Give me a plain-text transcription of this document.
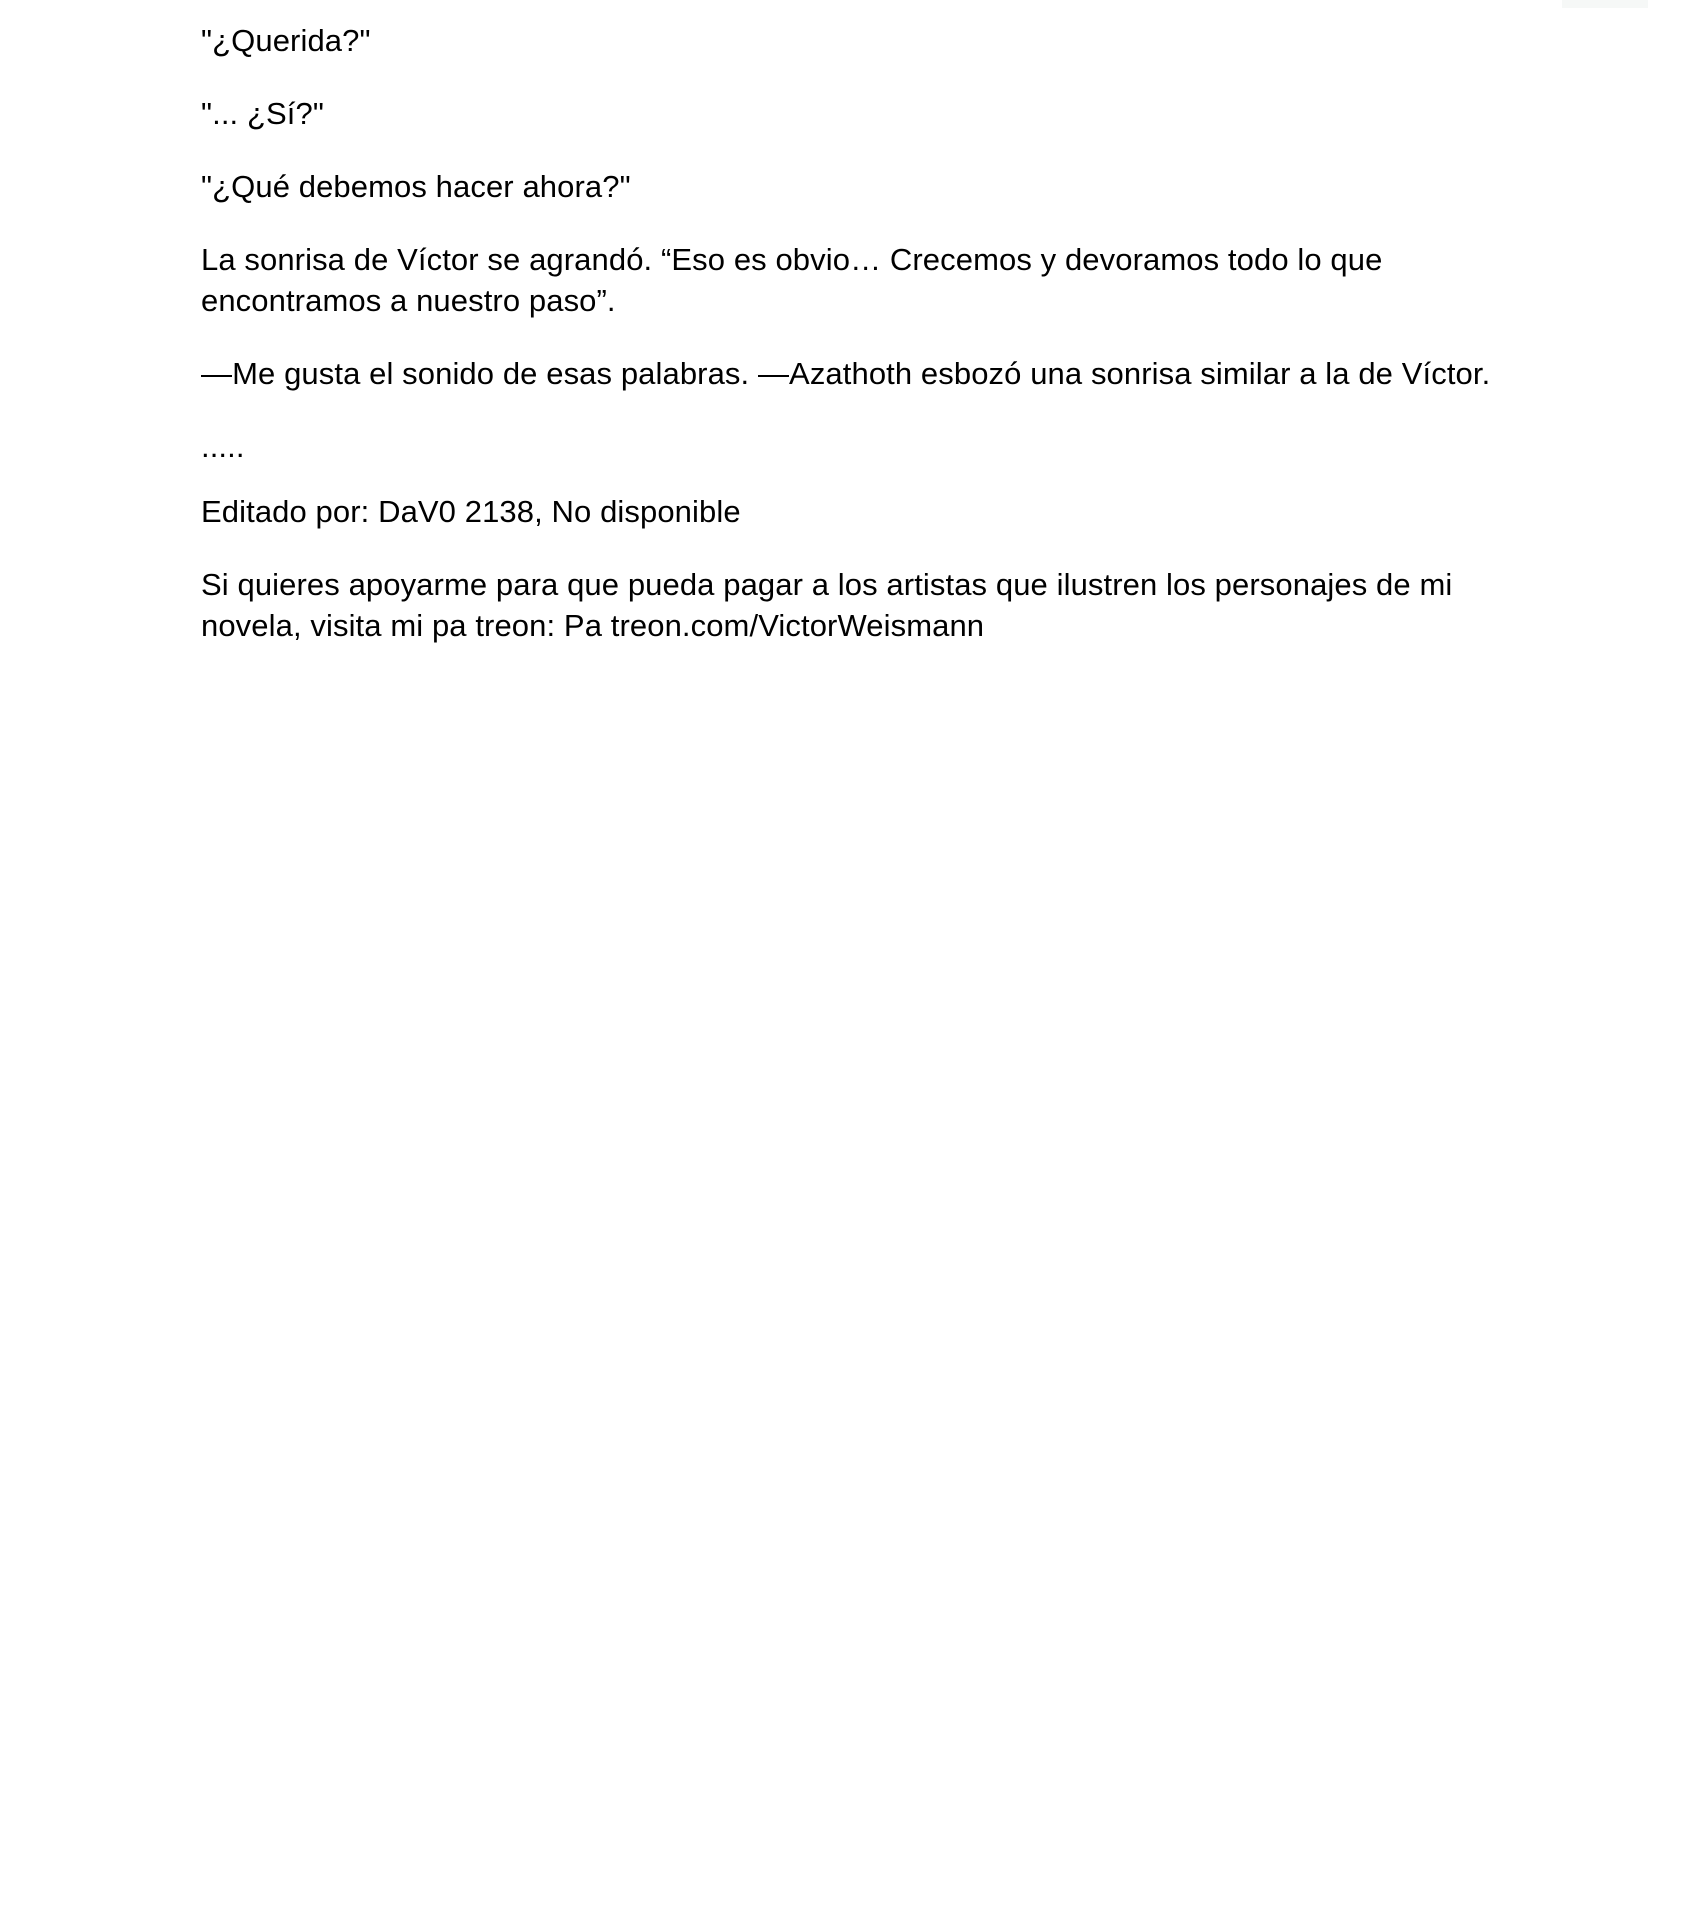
"¿Querida?"

"... ¿Sí?"

"¿Qué debemos hacer ahora?"

La sonrisa de Víctor se agrandó. “Eso es obvio… Crecemos y devoramos todo lo que encontramos a nuestro paso”.

—Me gusta el sonido de esas palabras. —Azathoth esbozó una sonrisa similar a la de Víctor.

.....

Editado por: DaV0 2138, No disponible

Si quieres apoyarme para que pueda pagar a los artistas que ilustren los personajes de mi novela, visita mi pa treon: Pa treon.com/VictorWeismann
